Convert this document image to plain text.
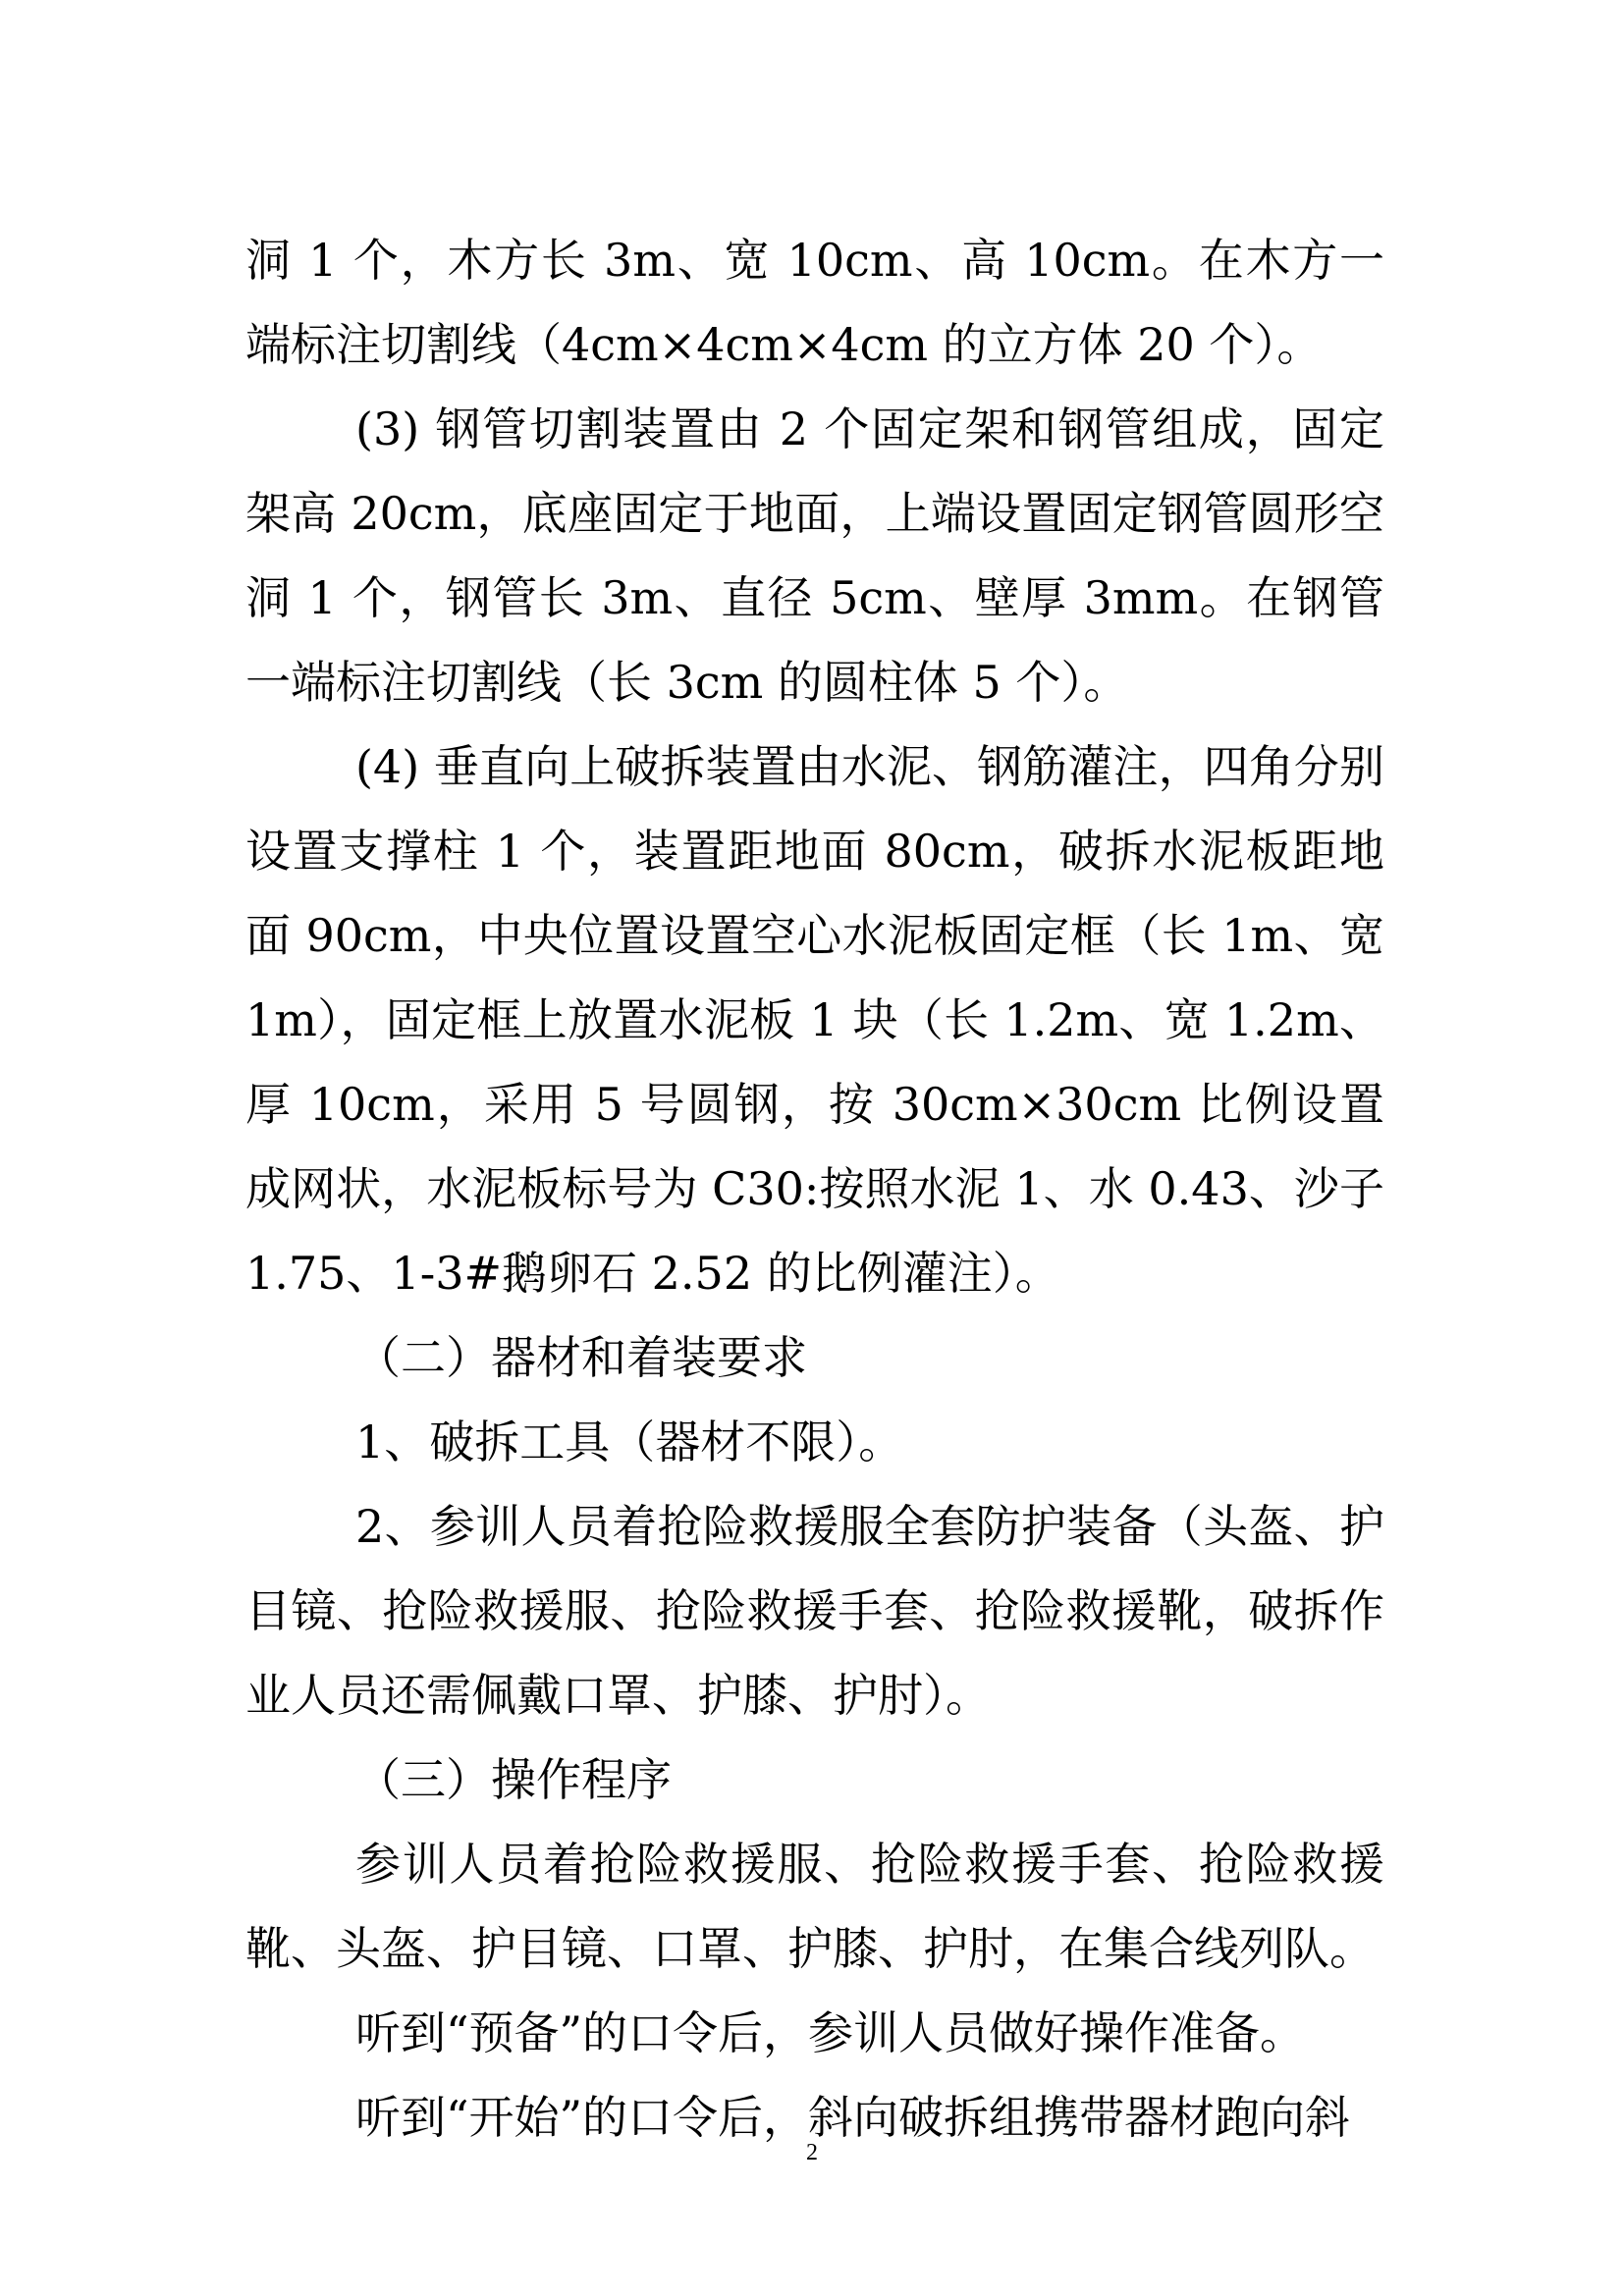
洞 1 个，木方长 3m、宽 10cm、高 10cm。在木方一端标注切割线（4cm×4cm×4cm 的立方体 20 个）。

(3) 钢管切割装置由 2 个固定架和钢管组成，固定架高 20cm，底座固定于地面，上端设置固定钢管圆形空洞 1 个，钢管长 3m、直径 5cm、壁厚 3mm。在钢管一端标注切割线（长 3cm 的圆柱体 5 个）。

(4) 垂直向上破拆装置由水泥、钢筋灌注，四角分别设置支撑柱 1 个，装置距地面 80cm，破拆水泥板距地面 90cm，中央位置设置空心水泥板固定框（长 1m、宽 1m），固定框上放置水泥板 1 块（长 1.2m、宽 1.2m、厚 10cm，采用 5 号圆钢，按 30cm×30cm 比例设置成网状，水泥板标号为 C30:按照水泥 1、水 0.43、沙子 1.75、1-3#鹅卵石 2.52 的比例灌注）。

（二）器材和着装要求

1、破拆工具（器材不限）。

2、参训人员着抢险救援服全套防护装备（头盔、护目镜、抢险救援服、抢险救援手套、抢险救援靴，破拆作业人员还需佩戴口罩、护膝、护肘）。

（三）操作程序

参训人员着抢险救援服、抢险救援手套、抢险救援靴、头盔、护目镜、口罩、护膝、护肘，在集合线列队。

听到“预备”的口令后，参训人员做好操作准备。

听到“开始”的口令后，斜向破拆组携带器材跑向斜

2
